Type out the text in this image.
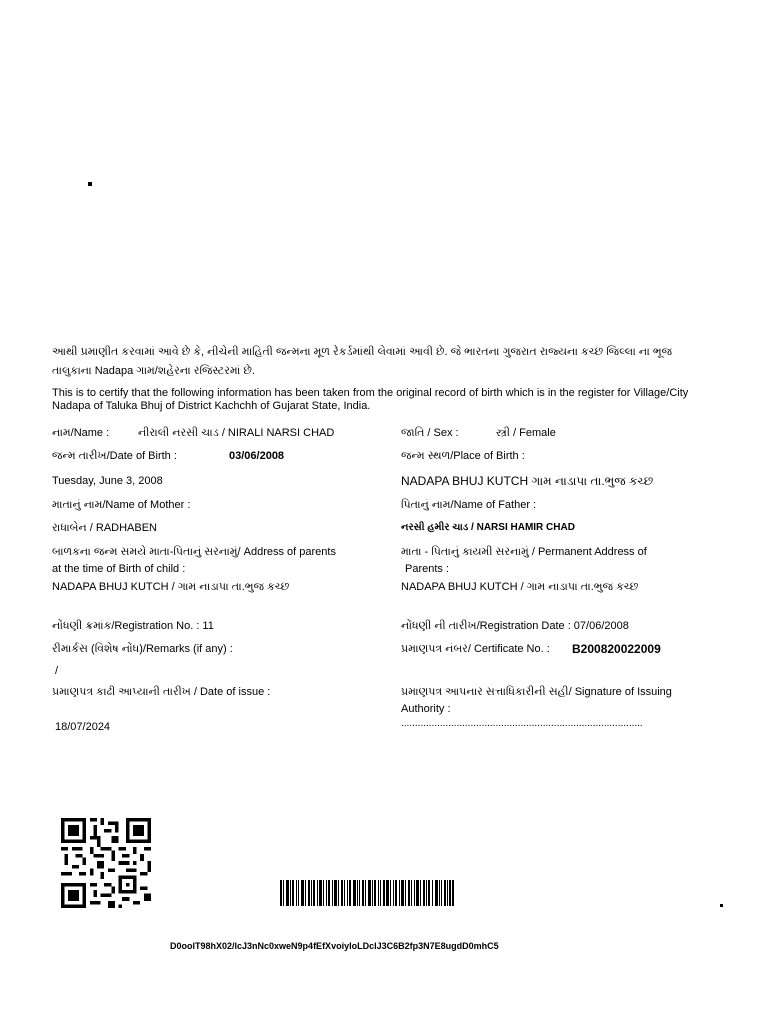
આથી પ્રમાણીત કરવામાં આવે છે કે, નીચેની માહિતી જન્મના મૂળ રેકર્ડમાંથી લેવામાં આવી છે. જે ભારતના ગુજરાત રાજ્યના કચ્છ જિલ્લા ના ભૂજ
તાલુકાના Nadapa ગામ/શહેરના રજિસ્ટરમાં છે.
This is to certify that the following information has been taken from the original record of birth which is in the register for Village/City
Nadapa of Taluka Bhuj of District Kachchh of Gujarat State, India.
નામ/Name :	નીરાલી નરસી ચાડ / NIRALI NARSI CHAD	જાતિ / Sex :	સ્ત્રી / Female
જન્મ તારીખ/Date of Birth :	03/06/2008	જન્મ સ્થળ/Place of Birth :
Tuesday, June 3, 2008	NADAPA BHUJ KUTCH ગામ નાડાપા તા.ભુજ કચ્છ
માતાનું નામ/Name of Mother :	પિતાનું નામ/Name of Father :
રાધાબેન / RADHABEN	નરસી હમીર ચાડ / NARSI HAMIR CHAD
બાળકના જન્મ સમયે માતા-પિતાનું સરનામું/ Address of parents
at the time of Birth of child :
માતા - પિતાનું કાયમી સરનામું / Permanent Address of
Parents :
NADAPA BHUJ KUTCH / ગામ નાડાપા તા.ભુજ કચ્છ	NADAPA BHUJ KUTCH / ગામ નાડાપા તા.ભુજ કચ્છ
નોંધણી ક્રમાંક/Registration No. : 11	નોંધણી ની તારીખ/Registration Date : 07/06/2008
રીમાર્કસ (વિશેષ નોંધ)/Remarks (if any) :	પ્રમાણપત્ર નંબર/ Certificate No. : B200820022009
/
પ્રમાણપત્ર કાઢી આપ્યાની તારીખ / Date of issue :	પ્રમાણપત્ર આપનાર સત્તાધિકારીની સહી/ Signature of Issuing
Authority :
18/07/2024	.......................................................................................
D0oolT98hX02/lcJ3nNc0xweN9p4fEfXvoiyIoLDclJ3C6B2fp3N7E8ugdD0mhC5
